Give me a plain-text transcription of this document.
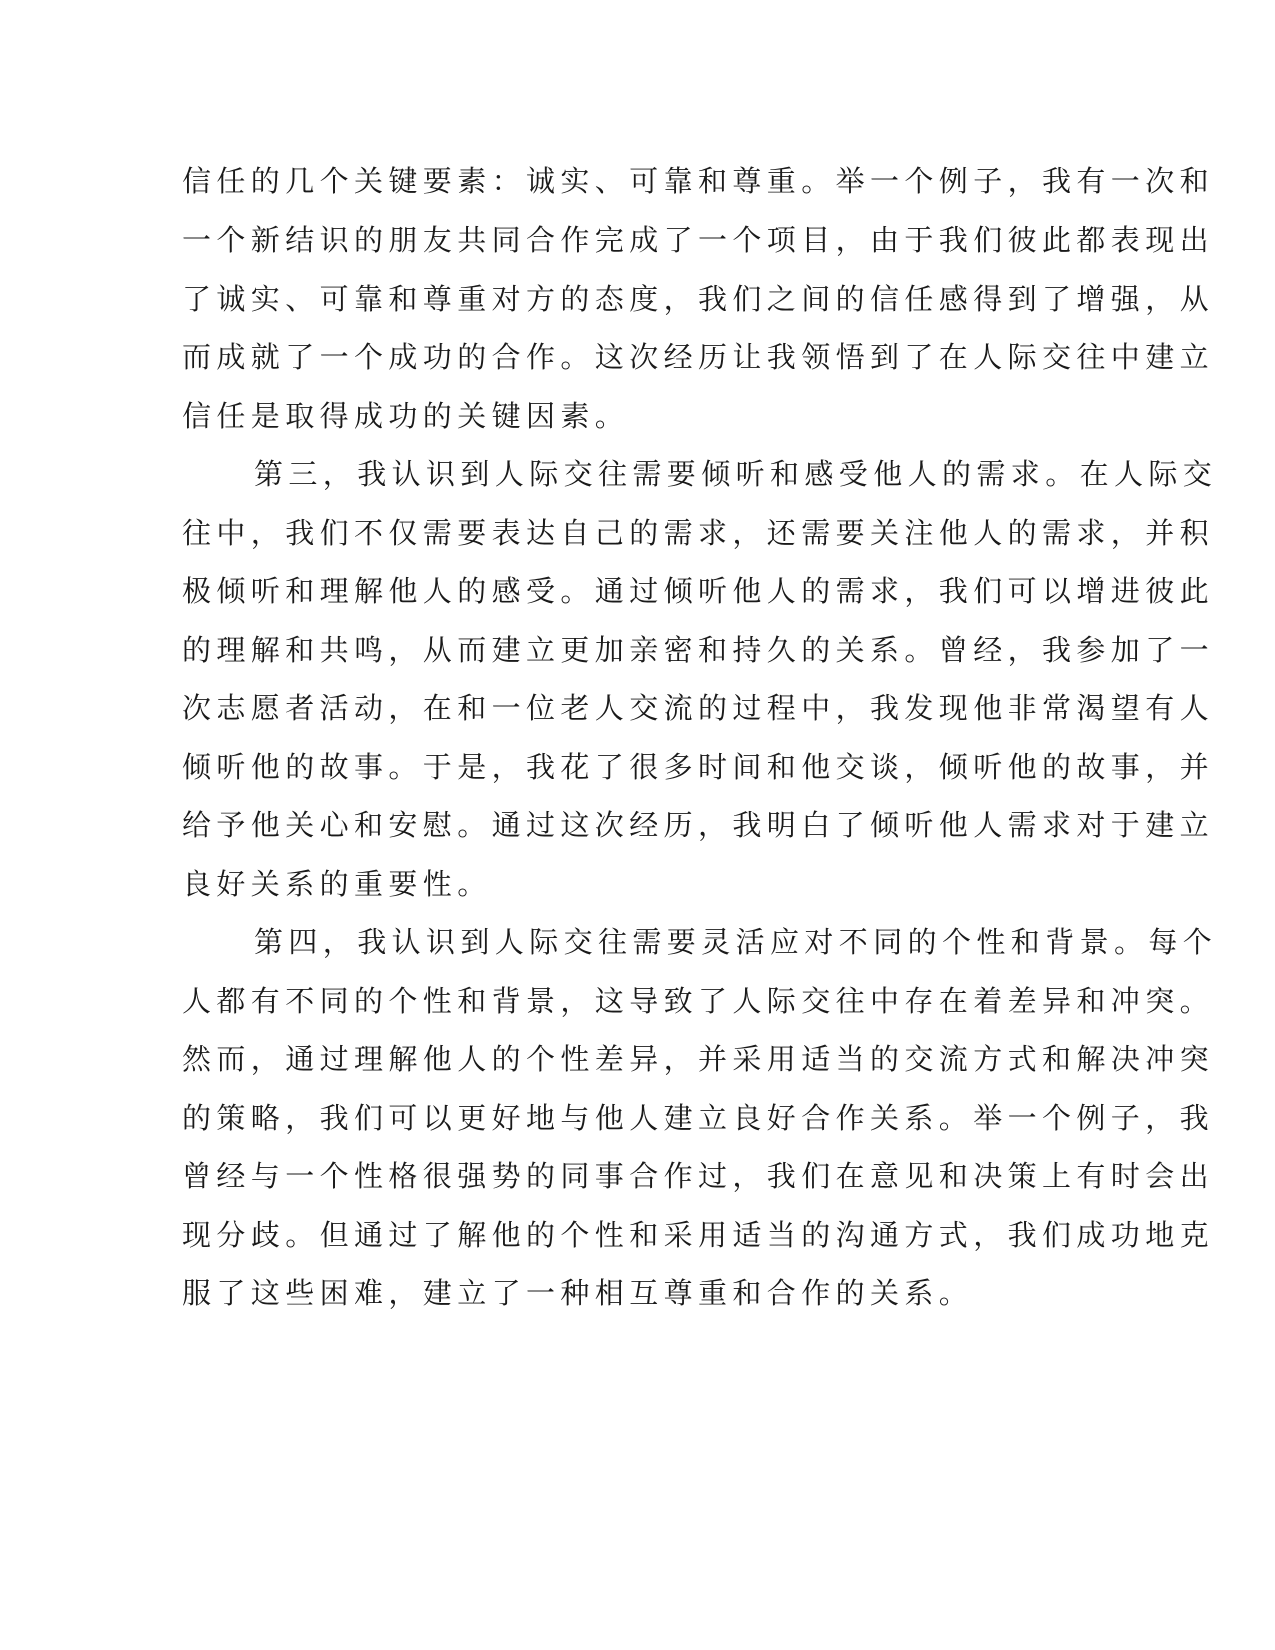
信任的几个关键要素：诚实、可靠和尊重。举一个例子，我有一次和
一个新结识的朋友共同合作完成了一个项目，由于我们彼此都表现出
了诚实、可靠和尊重对方的态度，我们之间的信任感得到了增强，从
而成就了一个成功的合作。这次经历让我领悟到了在人际交往中建立
信任是取得成功的关键因素。
第三，我认识到人际交往需要倾听和感受他人的需求。在人际交
往中，我们不仅需要表达自己的需求，还需要关注他人的需求，并积
极倾听和理解他人的感受。通过倾听他人的需求，我们可以增进彼此
的理解和共鸣，从而建立更加亲密和持久的关系。曾经，我参加了一
次志愿者活动，在和一位老人交流的过程中，我发现他非常渴望有人
倾听他的故事。于是，我花了很多时间和他交谈，倾听他的故事，并
给予他关心和安慰。通过这次经历，我明白了倾听他人需求对于建立
良好关系的重要性。
第四，我认识到人际交往需要灵活应对不同的个性和背景。每个
人都有不同的个性和背景，这导致了人际交往中存在着差异和冲突。
然而，通过理解他人的个性差异，并采用适当的交流方式和解决冲突
的策略，我们可以更好地与他人建立良好合作关系。举一个例子，我
曾经与一个性格很强势的同事合作过，我们在意见和决策上有时会出
现分歧。但通过了解他的个性和采用适当的沟通方式，我们成功地克
服了这些困难，建立了一种相互尊重和合作的关系。
